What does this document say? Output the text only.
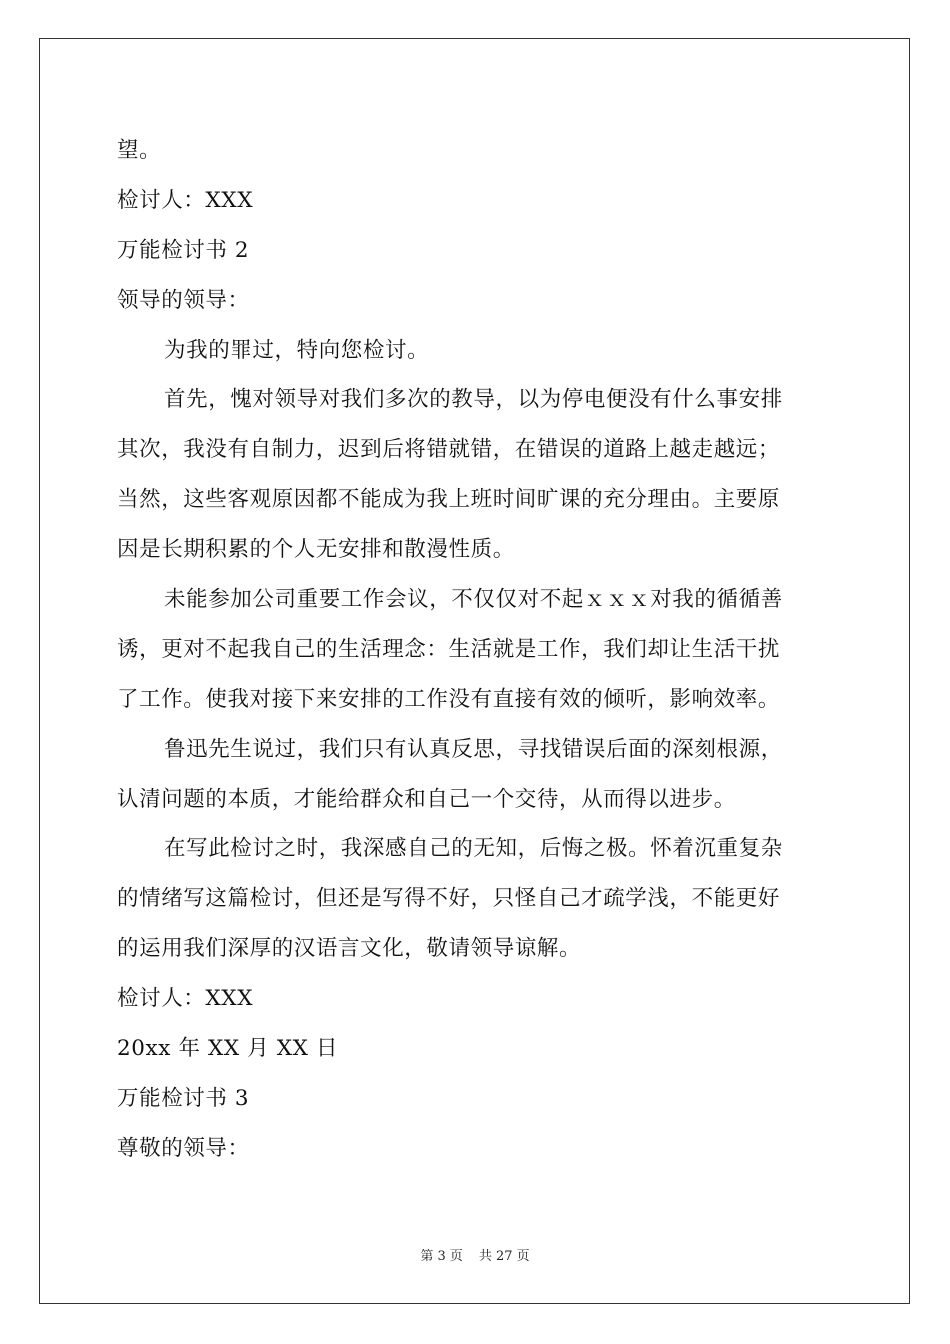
望。
检讨人：XXX
万能检讨书 2
领导的领导：
为我的罪过，特向您检讨。
首先，愧对领导对我们多次的教导，以为停电便没有什么事安排
其次，我没有自制力，迟到后将错就错，在错误的道路上越走越远；
当然，这些客观原因都不能成为我上班时间旷课的充分理由。主要原
因是长期积累的个人无安排和散漫性质。
未能参加公司重要工作会议，不仅仅对不起ｘｘｘ对我的循循善
诱，更对不起我自己的生活理念：生活就是工作，我们却让生活干扰
了工作。使我对接下来安排的工作没有直接有效的倾听，影响效率。
鲁迅先生说过，我们只有认真反思，寻找错误后面的深刻根源，
认清问题的本质，才能给群众和自己一个交待，从而得以进步。
在写此检讨之时，我深感自己的无知，后悔之极。怀着沉重复杂
的情绪写这篇检讨，但还是写得不好，只怪自己才疏学浅，不能更好
的运用我们深厚的汉语言文化，敬请领导谅解。
检讨人：XXX
20xx 年 XX 月 XX 日
万能检讨书 3
尊敬的领导：
第 3 页 共 27 页
